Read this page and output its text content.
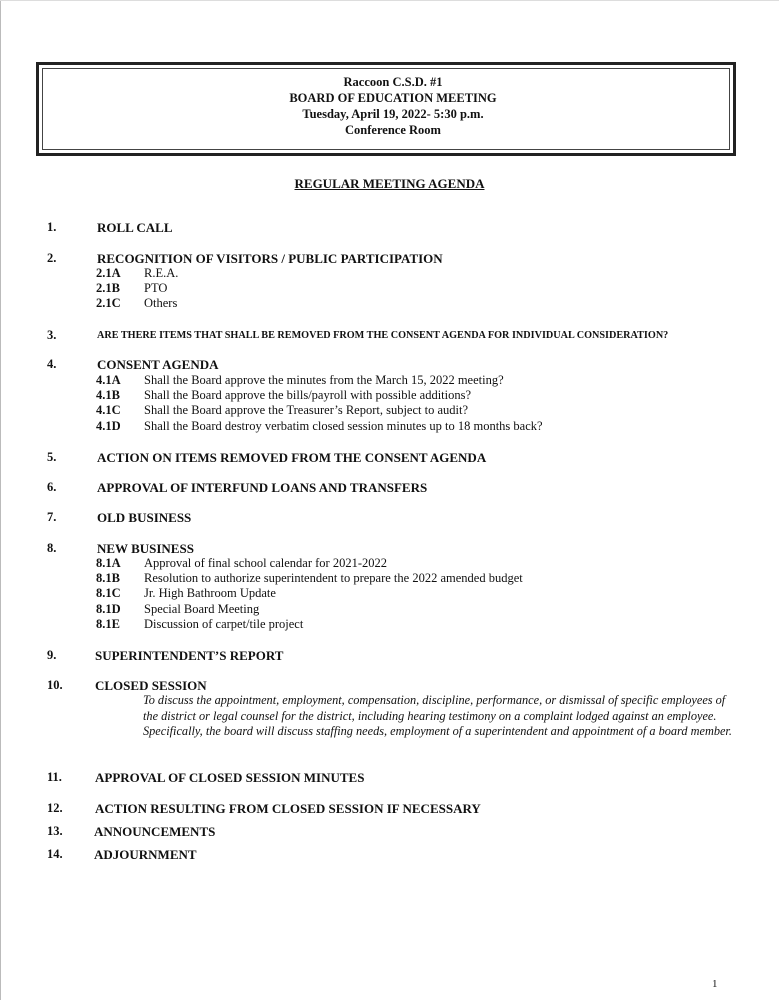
Raccoon C.S.D. #1
BOARD OF EDUCATION MEETING
Tuesday, April 19, 2022- 5:30 p.m.
Conference Room
REGULAR MEETING AGENDA
1.	ROLL CALL
2.	RECOGNITION OF VISITORS / PUBLIC PARTICIPATION
2.1A R.E.A.
2.1B PTO
2.1C Others
3.	ARE THERE ITEMS THAT SHALL BE REMOVED FROM THE CONSENT AGENDA FOR INDIVIDUAL CONSIDERATION?
4.	CONSENT AGENDA
4.1A Shall the Board approve the minutes from the March 15, 2022 meeting?
4.1B Shall the Board approve the bills/payroll with possible additions?
4.1C Shall the Board approve the Treasurer’s Report, subject to audit?
4.1D Shall the Board destroy verbatim closed session minutes up to 18 months back?
5.	ACTION ON ITEMS REMOVED FROM THE CONSENT AGENDA
6.	APPROVAL OF INTERFUND LOANS AND TRANSFERS
7.	OLD BUSINESS
8.	NEW BUSINESS
8.1A Approval of final school calendar for 2021-2022
8.1B Resolution to authorize superintendent to prepare the 2022 amended budget
8.1C Jr. High Bathroom Update
8.1D Special Board Meeting
8.1E Discussion of carpet/tile project
9.	SUPERINTENDENT’S REPORT
10. CLOSED SESSION
To discuss the appointment, employment, compensation, discipline, performance, or dismissal of specific employees of the district or legal counsel for the district, including hearing testimony on a complaint lodged against an employee. Specifically, the board will discuss staffing needs, employment of a superintendent and appointment of a board member.
11.	APPROVAL OF CLOSED SESSION MINUTES
12. ACTION RESULTING FROM CLOSED SESSION IF NECESSARY
13. ANNOUNCEMENTS
14. ADJOURNMENT
1
